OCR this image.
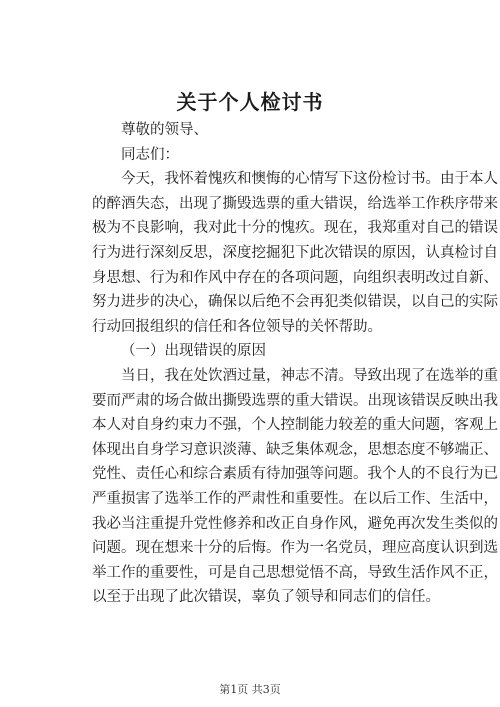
关于个人检讨书
尊敬的领导、
同志们：
今天，我怀着愧疚和懊悔的心情写下这份检讨书。由于本人
的醉酒失态，出现了撕毁选票的重大错误，给选举工作秩序带来
极为不良影响，我对此十分的愧疚。现在，我郑重对自己的错误
行为进行深刻反思，深度挖掘犯下此次错误的原因，认真检讨自
身思想、行为和作风中存在的各项问题，向组织表明改过自新、
努力进步的决心，确保以后绝不会再犯类似错误，以自己的实际
行动回报组织的信任和各位领导的关怀帮助。
（一）出现错误的原因
当日，我在处饮酒过量，神志不清。导致出现了在选举的重
要而严肃的场合做出撕毁选票的重大错误。出现该错误反映出我
本人对自身约束力不强，个人控制能力较差的重大问题，客观上
体现出自身学习意识淡薄、缺乏集体观念，思想态度不够端正、
党性、责任心和综合素质有待加强等问题。我个人的不良行为已
严重损害了选举工作的严肃性和重要性。在以后工作、生活中，
我必当注重提升党性修养和改正自身作风，避免再次发生类似的
问题。现在想来十分的后悔。作为一名党员，理应高度认识到选
举工作的重要性，可是自己思想觉悟不高，导致生活作风不正，
以至于出现了此次错误，辜负了领导和同志们的信任。
第1页 共3页
